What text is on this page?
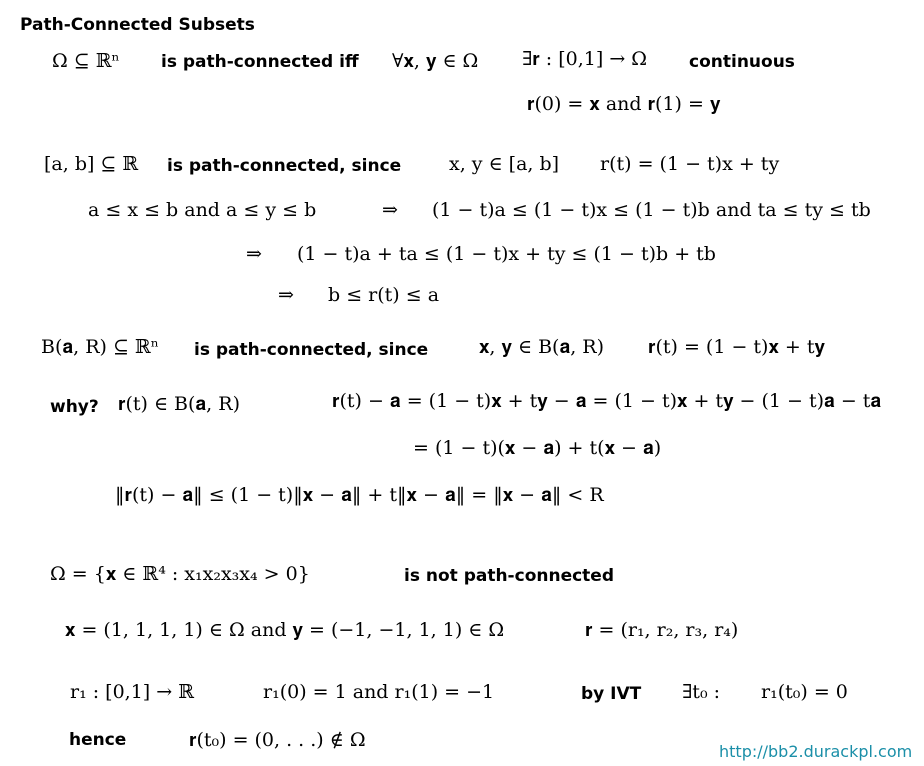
Path-Connected Subsets
Ω ⊆ ℝⁿ is path-connected iff ∀𝐱, 𝐲 ∈ Ω ∃𝐫 : [0,1] → Ω continuous
𝐫(0) = 𝐱 and 𝐫(1) = 𝐲
[a, b] ⊆ ℝ is path-connected, since	x, y ∈ [a, b] r(t) = (1 − t)x + ty
a ≤ x ≤ b and a ≤ y ≤ b	⇒ (1 − t)a ≤ (1 − t)x ≤ (1 − t)b and ta ≤ ty ≤ tb
⇒ (1 − t)a + ta ≤ (1 − t)x + ty ≤ (1 − t)b + tb
⇒ b ≤ r(t) ≤ a
B(𝐚, R) ⊆ ℝⁿ is path-connected, since	𝐱, 𝐲 ∈ B(𝐚, R) 𝐫(t) = (1 − t)𝐱 + t𝐲
why? 𝐫(t) ∈ B(𝐚, R)	𝐫(t) − 𝐚 = (1 − t)𝐱 + t𝐲 − 𝐚 = (1 − t)𝐱 + t𝐲 − (1 − t)𝐚 − t𝐚
= (1 − t)(𝐱 − 𝐚) + t(𝐱 − 𝐚)
‖𝐫(t) − 𝐚‖ ≤ (1 − t)‖𝐱 − 𝐚‖ + t‖𝐱 − 𝐚‖ = ‖𝐱 − 𝐚‖ < R
Ω = {𝐱 ∈ ℝ⁴ : x₁x₂x₃x₄ > 0}	is not path-connected
𝐱 = (1, 1, 1, 1) ∈ Ω and 𝐲 = (−1, −1, 1, 1) ∈ Ω	𝐫 = (r₁, r₂, r₃, r₄)
r₁ : [0,1] → ℝ	r₁(0) = 1 and r₁(1) = −1	by IVT ∃t₀ : r₁(t₀) = 0
hence	𝐫(t₀) = (0, . . .) ∉ Ω
http://bb2.durackpl.com
